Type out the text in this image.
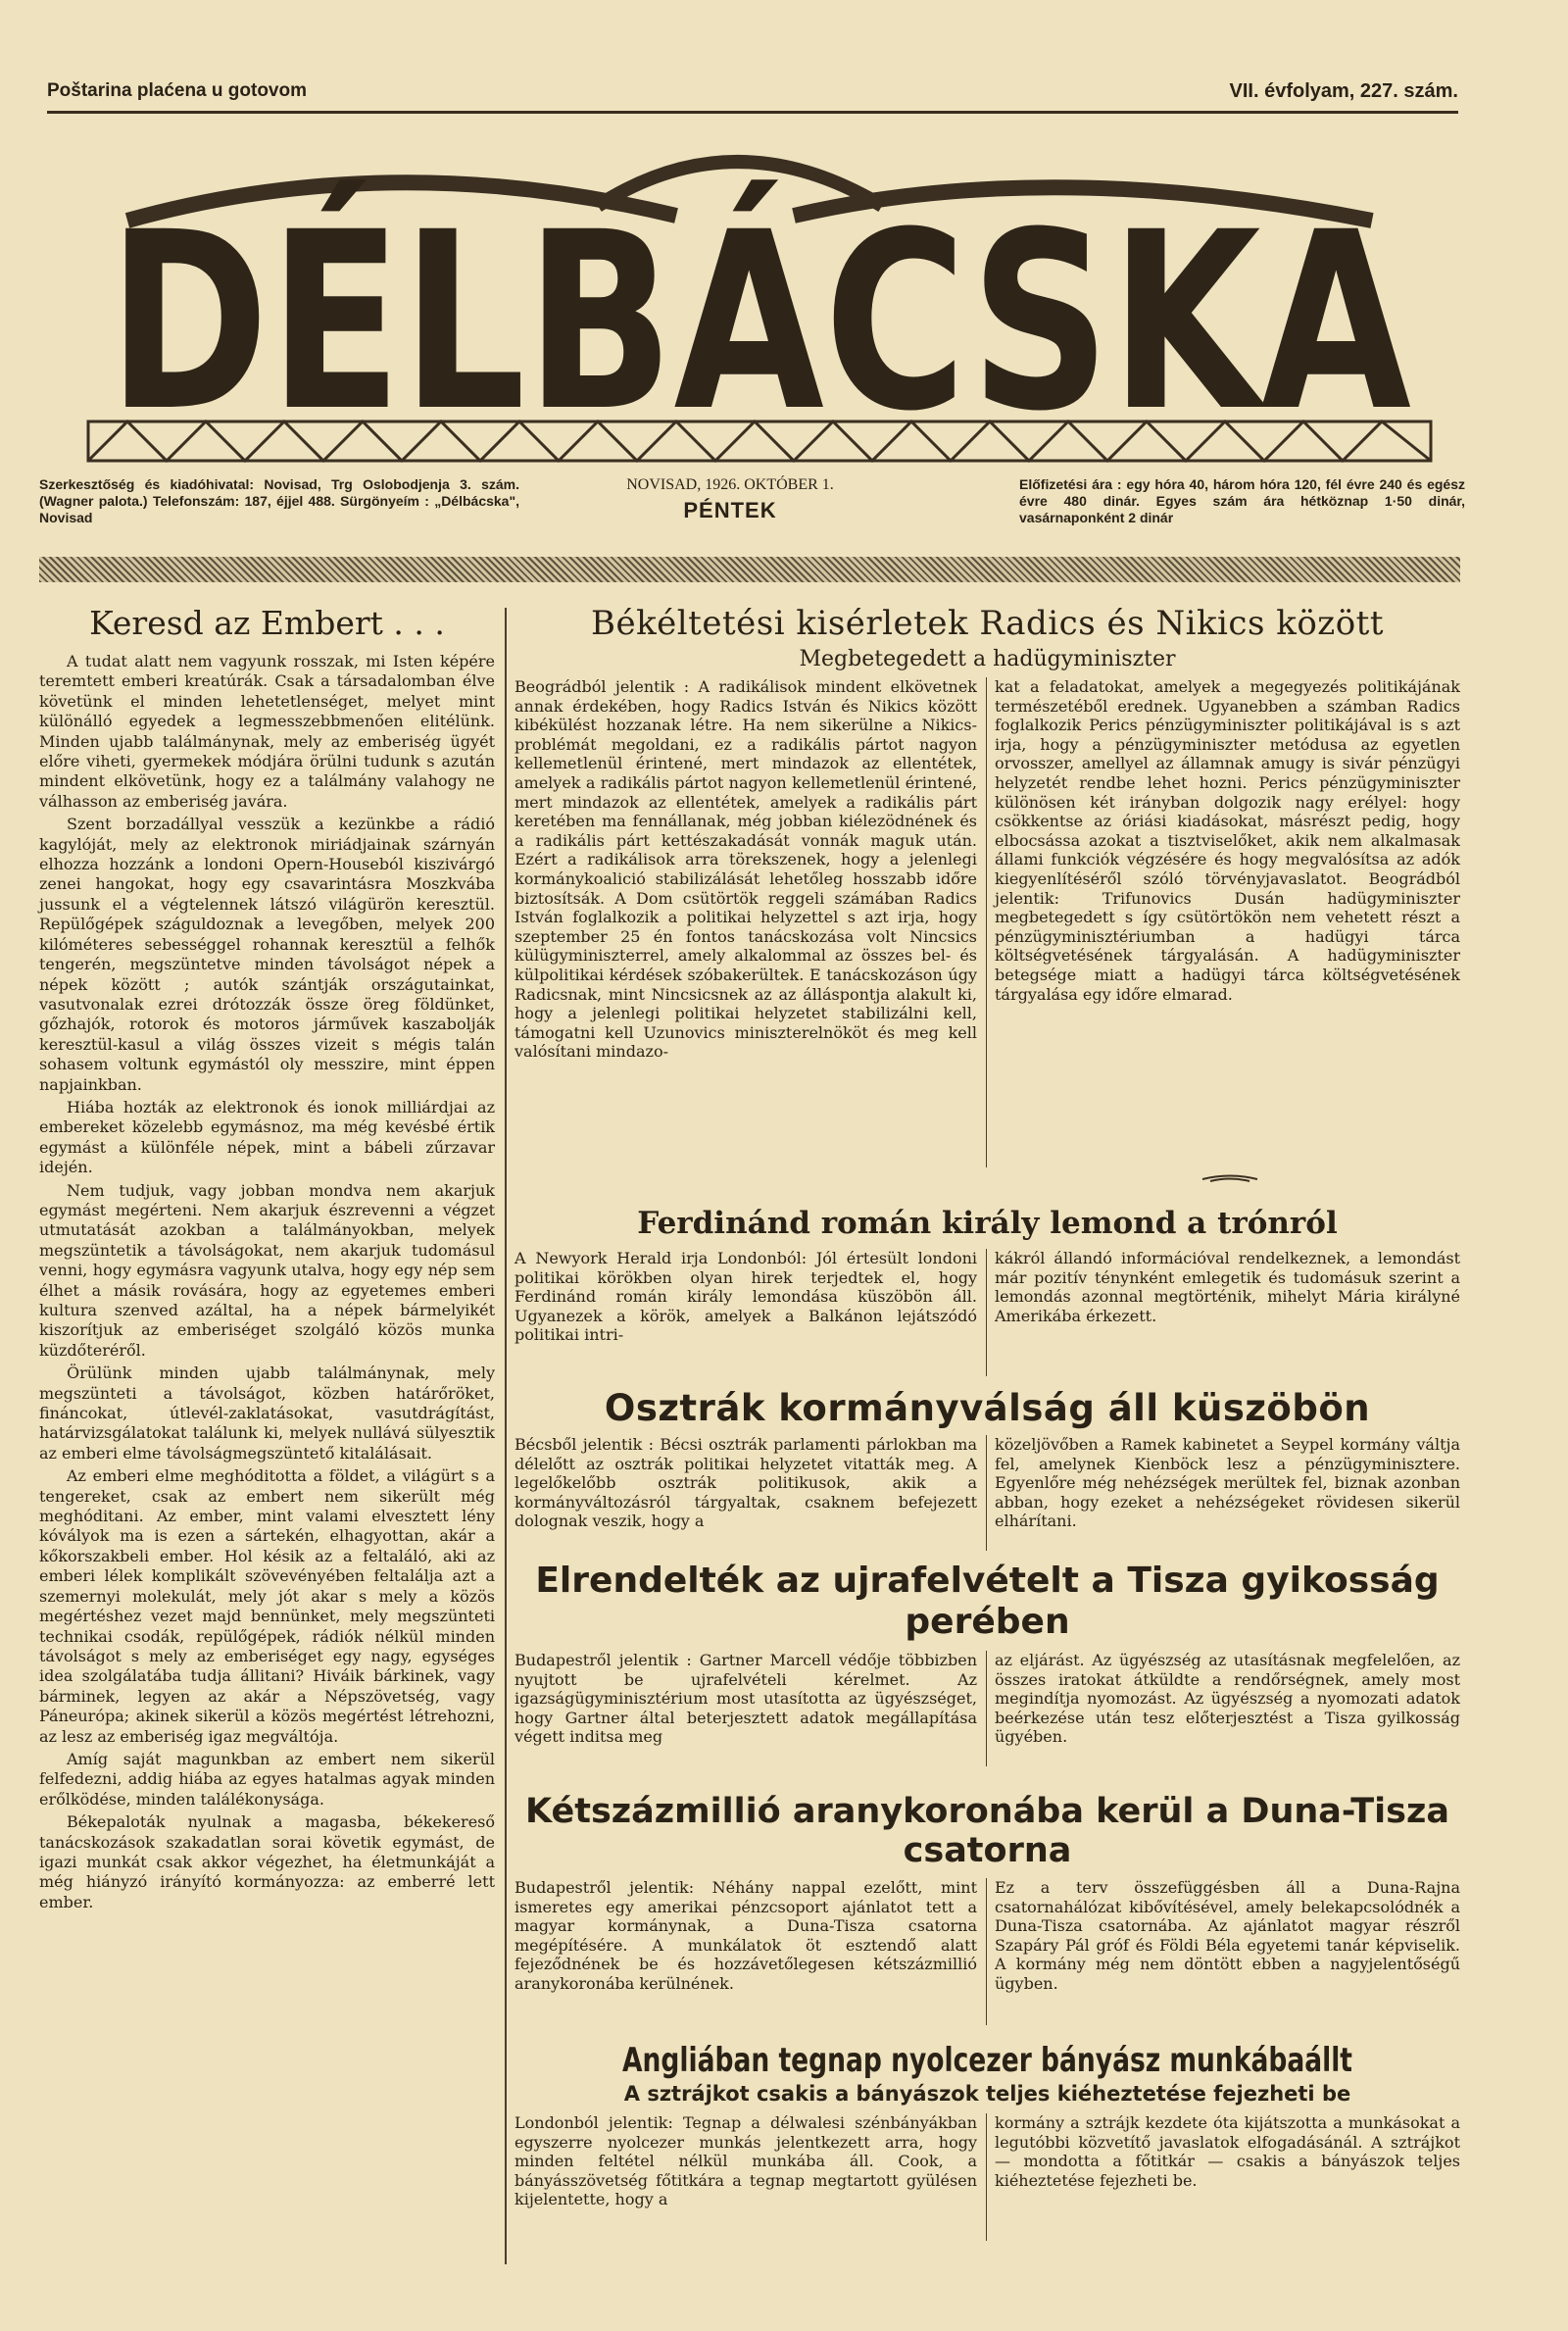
Poštarina plaćena u gotovom	VII. évfolyam, 227. szám.
DÉLBÁCSKA
Szerkesztőség és kiadóhivatal: Novisad, Trg Oslobodjenja 3. szám. (Wagner palota.) Telefonszám: 187, éjjel 488. Sürgönyeím : „Délbácska", Novisad
NOVISAD, 1926. OKTÓBER 1.
PÉNTEK
Előfizetési ára : egy hóra 40, három hóra 120, fél évre 240 és egész évre 480 dinár. Egyes szám ára hétköznap 1·50 dinár, vasárnaponként 2 dinár
Keresd az Embert . . .

A tudat alatt nem vagyunk rosszak, mi Isten képére teremtett emberi kreatúrák. Csak a társadalomban élve követünk el minden lehetetlenséget, melyet mint különálló egyedek a legmesszebbmenően elitélünk. Minden ujabb találmánynak, mely az emberiség ügyét előre viheti, gyermekek módjára örülni tudunk s azután mindent elkövetünk, hogy ez a találmány valahogy ne válhasson az emberiség javára.

Szent borzadállyal vesszük a kezünkbe a rádió kagylóját, mely az elektronok miriádjainak szárnyán elhozza hozzánk a londoni Opern-Houseból kiszivárgó zenei hangokat, hogy egy csavarintásra Moszkvába jussunk el a végtelennek látszó világürön keresztül. Repülőgépek száguldoznak a levegőben, melyek 200 kilóméteres sebességgel rohannak keresztül a felhők tengerén, megszüntetve minden távolságot népek a népek között ; autók szántják országutainkat, vasutvonalak ezrei drótozzák össze öreg földünket, gőzhajók, rotorok és motoros járművek kaszabolják keresztül-kasul a világ összes vizeit s mégis talán sohasem voltunk egymástól oly messzire, mint éppen napjainkban.

Hiába hozták az elektronok és ionok milliárdjai az embereket közelebb egymásnoz, ma még kevésbé értik egymást a különféle népek, mint a bábeli zűrzavar idején.

Nem tudjuk, vagy jobban mondva nem akarjuk egymást megérteni. Nem akarjuk észrevenni a végzet utmutatását azokban a találmányokban, melyek megszüntetik a távolságokat, nem akarjuk tudomásul venni, hogy egymásra vagyunk utalva, hogy egy nép sem élhet a másik rovására, hogy az egyetemes emberi kultura szenved azáltal, ha a népek bármelyikét kiszorítjuk az emberiséget szolgáló közös munka küzdőteréről.

Örülünk minden ujabb találmánynak, mely megszünteti a távolságot, közben határőröket, fináncokat, útlevél-zaklatásokat, vasutdrágítást, határvizsgálatokat találunk ki, melyek nullává sülyesztik az emberi elme távolságmegszüntető kitalálásait.

Az emberi elme meghóditotta a földet, a világürt s a tengereket, csak az embert nem sikerült még meghóditani. Az ember, mint valami elvesztett lény kóvályok ma is ezen a sártekén, elhagyottan, akár a kőkorszakbeli ember. Hol késik az a feltaláló, aki az emberi lélek komplikált szövevényében feltalálja azt a szemernyi molekulát, mely jót akar s mely a közös megértéshez vezet majd bennünket, mely megszünteti technikai csodák, repülőgépek, rádiók nélkül minden távolságot s mely az emberiséget egy nagy, egységes idea szolgálatába tudja állitani? Hiváik bárkinek, vagy bárminek, legyen az akár a Népszövetség, vagy Páneurópa; akinek sikerül a közös megértést létrehozni, az lesz az emberiség igaz megváltója.

Amíg saját magunkban az embert nem sikerül felfedezni, addig hiába az egyes hatalmas agyak minden erőlködése, minden találékonysága.

Békepaloták nyulnak a magasba, békekereső tanácskozások szakadatlan sorai követik egymást, de igazi munkát csak akkor végezhet, ha életmunkáját a még hiányzó irányító kormányozza: az emberré lett ember.

Békéltetési kisérletek Radics és Nikics között
Megbetegedett a hadügyminiszter
Beográdból jelentik : A radikálisok mindent elkövetnek annak érdekében, hogy Radics István és Nikics között kibékülést hozzanak létre. Ha nem sikerülne a Nikics-problémát megoldani, ez a radikális pártot nagyon kellemetlenül érintené, mert mindazok az ellentétek, amelyek a radikális pártot nagyon kellemetlenül érintené, mert mindazok az ellentétek, amelyek a radikális párt keretében ma fennállanak, még jobban kiélezödnének és a radikális párt kettészakadását vonnák maguk után. Ezért a radikálisok arra törekszenek, hogy a jelenlegi kormánykoalició stabilizálását lehetőleg hosszabb időre biztosítsák. A Dom csütörtök reggeli számában Radics István foglalkozik a politikai helyzettel s azt irja, hogy szeptember 25 én fontos tanácskozása volt Nincsics külügyminiszterrel, amely alkalommal az összes bel- és külpolitikai kérdések szóbakerültek. E tanácskozáson úgy Radicsnak, mint Nincsicsnek az az álláspontja alakult ki, hogy a jelenlegi politikai helyzetet stabilizálni kell, támogatni kell Uzunovics miniszterelnököt és meg kell valósítani mindazo-
kat a feladatokat, amelyek a megegyezés politikájának természetéből erednek. Ugyanebben a számban Radics foglalkozik Perics pénzügyminiszter politikájával is s azt irja, hogy a pénzügyminiszter metódusa az egyetlen orvosszer, amellyel az államnak amugy is sivár pénzügyi helyzetét rendbe lehet hozni. Perics pénzügyminiszter különösen két irányban dolgozik nagy erélyel: hogy csökkentse az óriási kiadásokat, másrészt pedig, hogy elbocsássa azokat a tisztviselőket, akik nem alkalmasak állami funkciók végzésére és hogy megvalósítsa az adók kiegyenlítéséről szóló törvényjavaslatot. Beográdból jelentik: Trifunovics Dusán hadügyminiszter megbetegedett s így csütörtökön nem vehetett részt a pénzügyminisztériumban a hadügyi tárca költségvetésének tárgyalásán. A hadügyminiszter betegsége miatt a hadügyi tárca költségvetésének tárgyalása egy időre elmarad.
Ferdinánd román király lemond a trónról
A Newyork Herald irja Londonból: Jól értesült londoni politikai körökben olyan hirek terjedtek el, hogy Ferdinánd román király lemondása küszöbön áll. Ugyanezek a körök, amelyek a Balkánon lejátszódó politikai intri-
kákról állandó információval rendelkeznek, a lemondást már pozitív ténynként emlegetik és tudomásuk szerint a lemondás azonnal megtörténik, mihelyt Mária királyné Amerikába érkezett.
Osztrák kormányválság áll küszöbön
Bécsből jelentik : Bécsi osztrák parlamenti párlokban ma délelőtt az osztrák politikai helyzetet vitatták meg. A legelőkelőbb osztrák politikusok, akik a kormányváltozásról tárgyaltak, csaknem befejezett dolognak veszik, hogy a
közeljövőben a Ramek kabinetet a Seypel kormány váltja fel, amelynek Kienböck lesz a pénzügyminisztere. Egyenlőre még nehézségek merültek fel, biznak azonban abban, hogy ezeket a nehézségeket rövidesen sikerül elhárítani.
Elrendelték az ujrafelvételt a Tisza gyikosság perében
Budapestről jelentik : Gartner Marcell védője többizben nyujtott be ujrafelvételi kérelmet. Az igazságügyminisztérium most utasította az ügyészséget, hogy Gartner által beterjesztett adatok megállapítása végett inditsa meg
az eljárást. Az ügyészség az utasításnak megfelelően, az összes iratokat átküldte a rendőrségnek, amely most megindítja nyomozást. Az ügyészség a nyomozati adatok beérkezése után tesz előterjesztést a Tisza gyilkosság ügyében.
Kétszázmillió aranykoronába kerül a Duna-Tisza csatorna
Budapestről jelentik: Néhány nappal ezelőtt, mint ismeretes egy amerikai pénzcsoport ajánlatot tett a magyar kormánynak, a Duna-Tisza csatorna megépítésére. A munkálatok öt esztendő alatt fejeződnének be és hozzávetőlegesen kétszázmillió aranykoronába kerülnének.
Ez a terv összefüggésben áll a Duna-Rajna csatornahálózat kibővítésével, amely belekapcsolódnék a Duna-Tisza csatornába. Az ajánlatot magyar részről Szapáry Pál gróf és Földi Béla egyetemi tanár képviselik. A kormány még nem döntött ebben a nagyjelentőségű ügyben.
Angliában tegnap nyolcezer bányász munkábaállt
A sztrájkot csakis a bányászok teljes kiéheztetése fejezheti be
Londonból jelentik: Tegnap a délwalesi szénbányákban egyszerre nyolcezer munkás jelentkezett arra, hogy minden feltétel nélkül munkába áll. Cook, a bányásszövetség főtitkára a tegnap megtartott gyülésen kijelentette, hogy a
kormány a sztrájk kezdete óta kijátszotta a munkásokat a legutóbbi közvetítő javaslatok elfogadásánál. A sztrájkot — mondotta a főtitkár — csakis a bányászok teljes kiéheztetése fejezheti be.
